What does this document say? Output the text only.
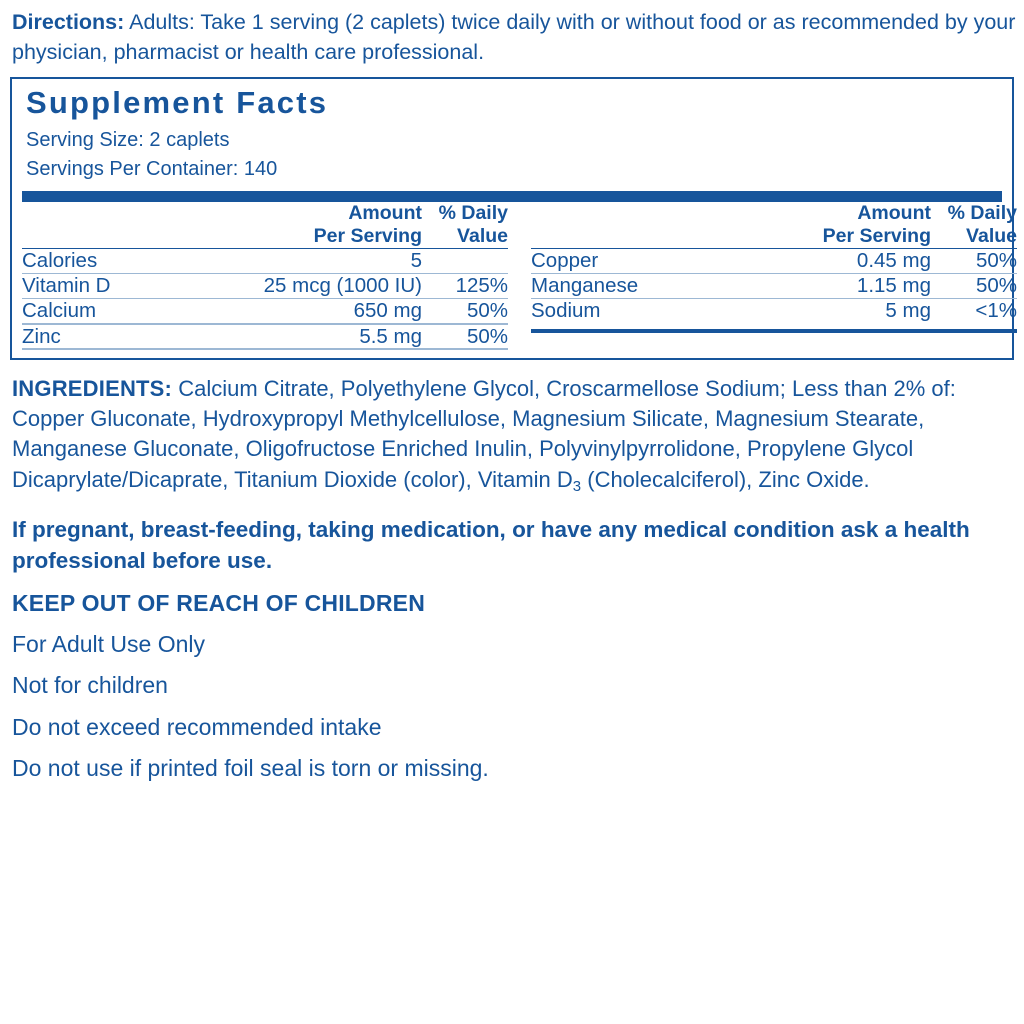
Directions: Adults: Take 1 serving (2 caplets) twice daily with or without food or as recommended by your physician, pharmacist or health care professional.

Supplement Facts
Serving Size: 2 caplets
Servings Per Container: 140

	Amount
Per Serving	% Daily
Value

Calories	5	

Vitamin D	25 mcg (1000 IU)	125%

Calcium	650 mg	50%

Zinc	5.5 mg	50%

	Amount
Per Serving	% Daily
Value

Copper	0.45 mg	50%

Manganese	1.15 mg	50%

Sodium	5 mg	<1%

INGREDIENTS: Calcium Citrate, Polyethylene Glycol, Croscarmellose Sodium; Less than 2% of: Copper Gluconate, Hydroxypropyl Methylcellulose, Magnesium Silicate, Magnesium Stearate, Manganese Gluconate, Oligofructose Enriched Inulin, Polyvinylpyrrolidone, Propylene Glycol Dicaprylate/Dicaprate, Titanium Dioxide (color), Vitamin $D_3$ (Cholecalciferol), Zinc Oxide.

If pregnant, breast-feeding, taking medication, or have any medical condition ask a health professional before use.

KEEP OUT OF REACH OF CHILDREN

For Adult Use Only

Not for children

Do not exceed recommended intake

Do not use if printed foil seal is torn or missing.
